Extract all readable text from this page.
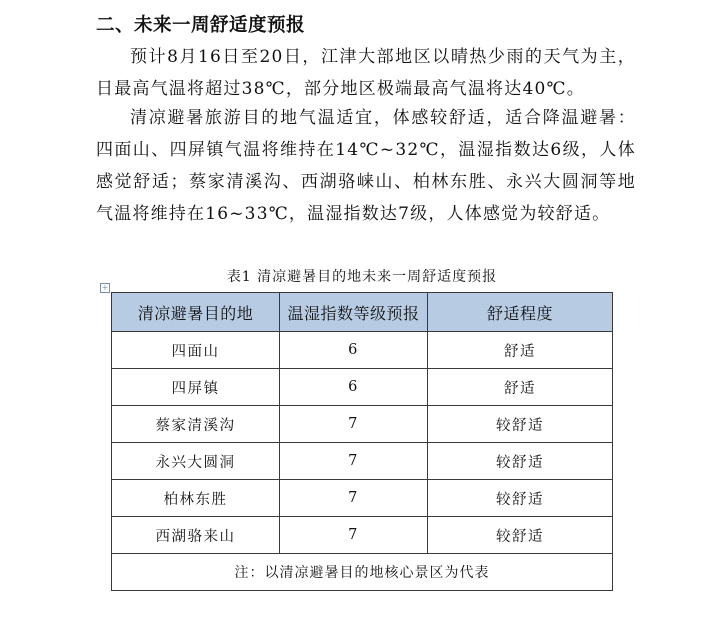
二、未来一周舒适度预报

预计8月16日至20日，江津大部地区以晴热少雨的天气为主，日最高气温将超过38℃，部分地区极端最高气温将达40℃。

清凉避暑旅游目的地气温适宜，体感较舒适，适合降温避暑：四面山、四屏镇气温将维持在14℃~32℃，温湿指数达6级，人体感觉舒适；蔡家清溪沟、西湖骆崃山、柏林东胜、永兴大圆洞等地气温将维持在16~33℃，温湿指数达7级，人体感觉为较舒适。

表1 清凉避暑目的地未来一周舒适度预报
+
清凉避暑目的地	温湿指数等级预报	舒适程度
四面山	6	舒适
四屏镇	6	舒适
蔡家清溪沟	7	较舒适
永兴大圆洞	7	较舒适
柏林东胜	7	较舒适
西湖骆来山	7	较舒适
注：以清凉避暑目的地核心景区为代表		
